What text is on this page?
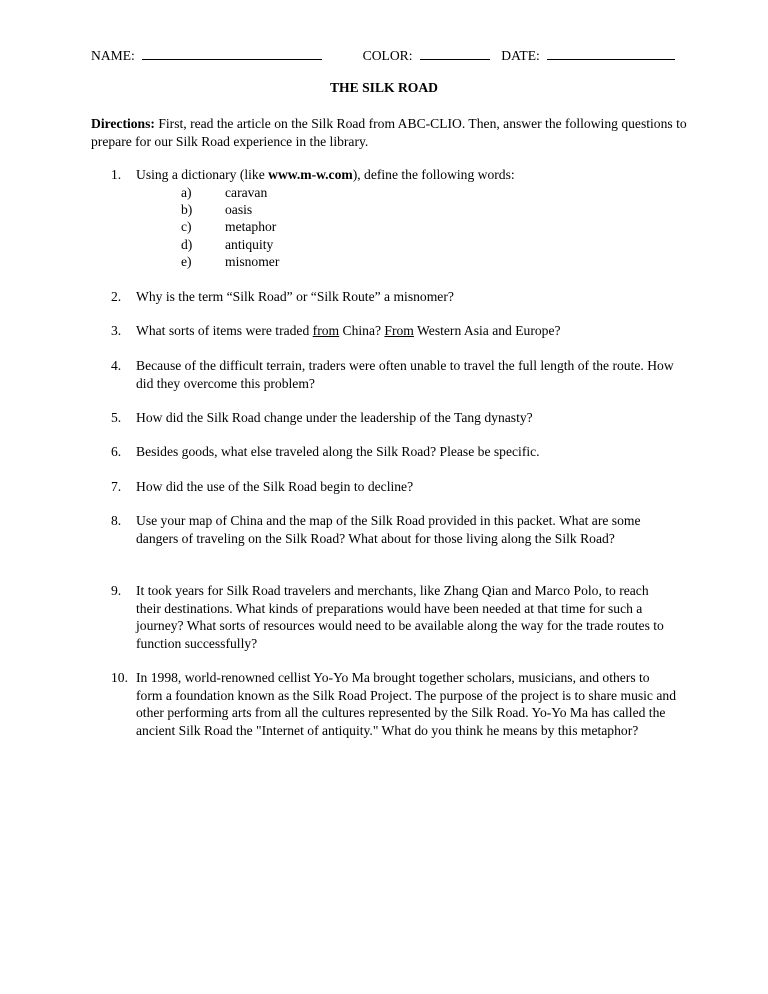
NAME:	COLOR:	DATE:
THE SILK ROAD
Directions: First, read the article on the Silk Road from ABC-CLIO. Then, answer the following questions to prepare for our Silk Road experience in the library.
1.	Using a dictionary (like www.m-w.com), define the following words:
a) caravan
b) oasis
c) metaphor
d) antiquity
e) misnomer
2.	Why is the term “Silk Road” or “Silk Route” a misnomer?
3.	What sorts of items were traded from China? From Western Asia and Europe?
4.	Because of the difficult terrain, traders were often unable to travel the full length of the route. How did they overcome this problem?
5.	How did the Silk Road change under the leadership of the Tang dynasty?
6.	Besides goods, what else traveled along the Silk Road? Please be specific.
7.	How did the use of the Silk Road begin to decline?
8.	Use your map of China and the map of the Silk Road provided in this packet. What are some dangers of traveling on the Silk Road? What about for those living along the Silk Road?
9.	It took years for Silk Road travelers and merchants, like Zhang Qian and Marco Polo, to reach their destinations. What kinds of preparations would have been needed at that time for such a journey? What sorts of resources would need to be available along the way for the trade routes to function successfully?
10. In 1998, world-renowned cellist Yo-Yo Ma brought together scholars, musicians, and others to form a foundation known as the Silk Road Project. The purpose of the project is to share music and other performing arts from all the cultures represented by the Silk Road. Yo-Yo Ma has called the ancient Silk Road the "Internet of antiquity." What do you think he means by this metaphor?
